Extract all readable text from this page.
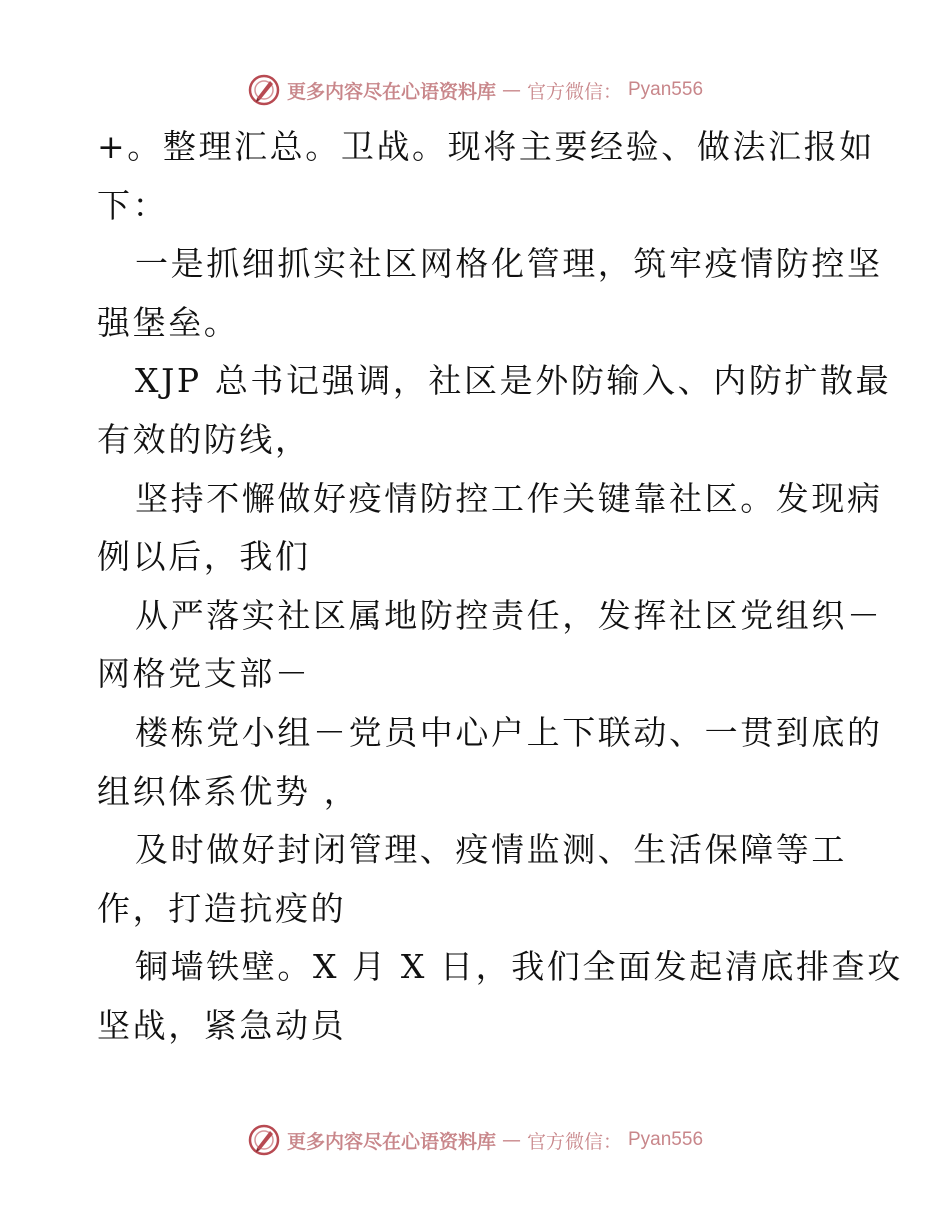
更多内容尽在心语资料库 — 官方微信： Pyan556
+。整理汇总。卫战。现将主要经验、做法汇报如
下：
一是抓细抓实社区网格化管理，筑牢疫情防控坚
强堡垒。
XJP 总书记强调，社区是外防输入、内防扩散最
有效的防线，
坚持不懈做好疫情防控工作关键靠社区。发现病
例以后，我们
从严落实社区属地防控责任，发挥社区党组织－
网格党支部－
楼栋党小组－党员中心户上下联动、一贯到底的
组织体系优势 ，
及时做好封闭管理、疫情监测、生活保障等工
作，打造抗疫的
铜墙铁壁。X 月 X 日，我们全面发起清底排查攻
坚战，紧急动员
更多内容尽在心语资料库 — 官方微信： Pyan556
